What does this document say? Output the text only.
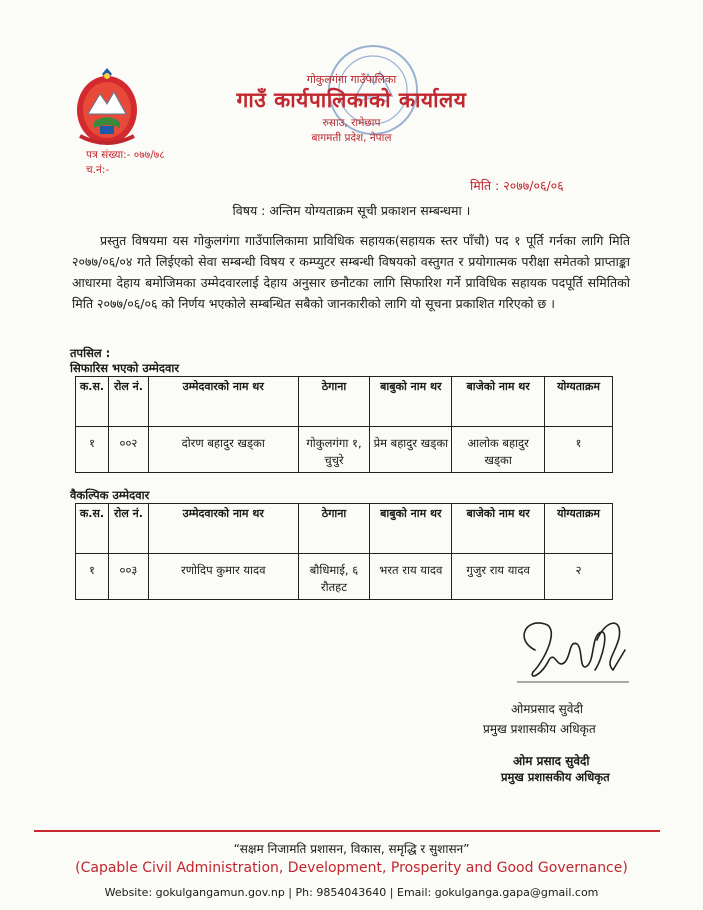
गोकुलगंगा गाउँपालिका
गाउँ कार्यपालिकाको कार्यालय
रुसाउ, रामेछाप
बागमती प्रदेश, नेपाल
पत्र संख्या:- ०७७/७८
च.नं:-
मिति : २०७७/०६/०६
विषय : अन्तिम योग्यताक्रम सूची प्रकाशन सम्बन्धमा ।
प्रस्तुत विषयमा यस गोकुलगंगा गाउँपालिकामा प्राविधिक सहायक(सहायक स्तर पाँचौ) पद १ पूर्ति गर्नका लागि मिति २०७७/०६/०४ गते लिईएको सेवा सम्बन्धी विषय र कम्प्युटर सम्बन्धी विषयको वस्तुगत र प्रयोगात्मक परीक्षा समेतको प्राप्ताङ्का आधारमा देहाय बमोजिमका उम्मेदवारलाई देहाय अनुसार छनौटका लागि सिफारिश गर्ने प्राविधिक सहायक पदपूर्ति समितिको मिति २०७७/०६/०६ को निर्णय भएकोले सम्बन्धित सबैको जानकारीको लागि यो सूचना प्रकाशित गरिएको छ ।
तपसिल :
सिफारिस भएको उम्मेदवार
क.स.	रोल नं.	उम्मेदवारको नाम थर	ठेगाना	बाबुको नाम थर	बाजेको नाम थर	योग्यताक्रम
१	००२	दोरण बहादुर खड्का	गोकुलगंगा १, चुचुरे	प्रेम बहादुर खड्का	आलोक बहादुर खड्का	१
वैकल्पिक उम्मेदवार
क.स.	रोल नं.	उम्मेदवारको नाम थर	ठेगाना	बाबुको नाम थर	बाजेको नाम थर	योग्यताक्रम
१	००३	रणोदिप कुमार यादव	बौधिमाई, ६ रौतहट	भरत राय यादव	गुजुर राय यादव	२
ओमप्रसाद सुवेदी
प्रमुख प्रशासकीय अधिकृत
ओम प्रसाद सुवेदी
प्रमुख प्रशासकीय अधिकृत
“सक्षम निजामति प्रशासन, विकास, समृद्धि र सुशासन”
(Capable Civil Administration, Development, Prosperity and Good Governance)
Website: gokulgangamun.gov.np | Ph: 9854043640 | Email: gokulganga.gapa@gmail.com
